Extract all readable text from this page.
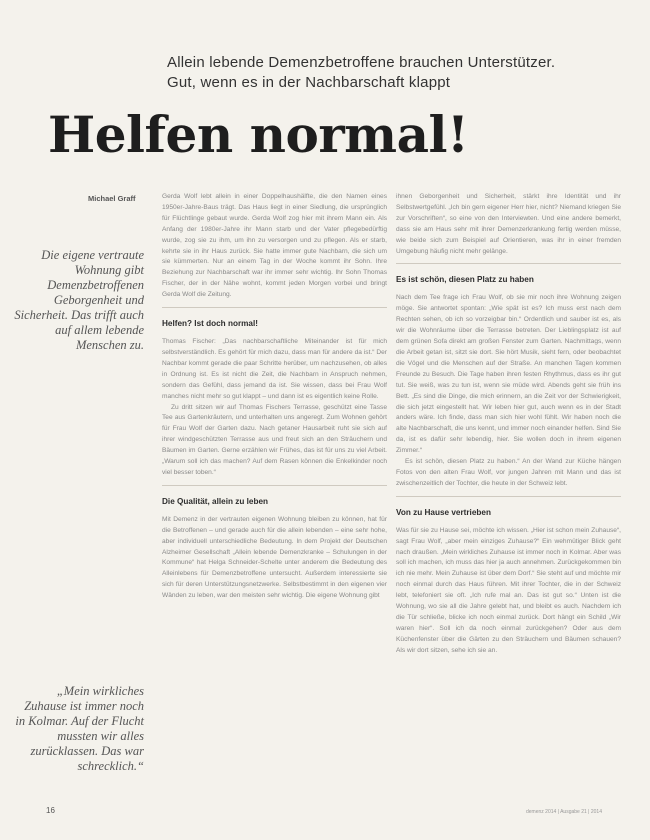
Allein lebende Demenzbetroffene brauchen Unterstützer.
Gut, wenn es in der Nachbarschaft klappt
Helfen normal!
Michael Graff
Die eigene vertraute Wohnung gibt Demenzbetroffenen Geborgenheit und Sicherheit. Das trifft auch auf allem lebende Menschen zu.
„Mein wirkliches Zuhause ist immer noch in Kolmar. Auf der Flucht mussten wir alles zurücklassen. Das war schrecklich.“

Gerda Wolf lebt allein in einer Doppelhaushälfte, die den Namen eines 1950er-Jahre-Baus trägt. Das Haus liegt in einer Siedlung, die ursprünglich für Flüchtlinge gebaut wurde. Gerda Wolf zog hier mit ihrem Mann ein. Als Anfang der 1980er-Jahre ihr Mann starb und der Vater pflegebedürftig wurde, zog sie zu ihm, um ihn zu versorgen und zu pflegen. Als er starb, kehrte sie in ihr Haus zurück. Sie hatte immer gute Nachbarn, die sich um sie kümmerten. Nur an einem Tag in der Woche kommt ihr Sohn. Ihre Beziehung zur Nachbarschaft war ihr immer sehr wichtig. Ihr Sohn Thomas Fischer, der in der Nähe wohnt, kommt jeden Morgen vorbei und bringt Gerda Wolf die Zeitung.

Helfen? Ist doch normal!

Thomas Fischer: „Das nachbarschaftliche Miteinander ist für mich selbstverständlich. Es gehört für mich dazu, dass man für andere da ist.“ Der Nachbar kommt gerade die paar Schritte herüber, um nachzusehen, ob alles in Ordnung ist. Es ist nicht die Zeit, die Nachbarn in Anspruch nehmen, sondern das Gefühl, dass jemand da ist. Sie wissen, dass bei Frau Wolf manches nicht mehr so gut klappt – und dann ist es eigentlich keine Rolle.

Zu dritt sitzen wir auf Thomas Fischers Terrasse, geschützt eine Tasse Tee aus Gartenkräutern, und unterhalten uns angeregt. Zum Wohnen gehört für Frau Wolf der Garten dazu. Nach getaner Hausarbeit ruht sie sich auf ihrer windgeschützten Terrasse aus und freut sich an den Sträuchern und Bäumen im Garten. Gerne erzählen wir Frühes, das ist für uns zu viel Arbeit. „Warum soll ich das machen? Auf dem Rasen können die Enkelkinder noch viel besser toben.“

Die Qualität, allein zu leben

Mit Demenz in der vertrauten eigenen Wohnung bleiben zu können, hat für die Betroffenen – und gerade auch für die allein lebenden – eine sehr hohe, aber individuell unterschiedliche Bedeutung. In dem Projekt der Deutschen Alzheimer Gesellschaft „Allein lebende Demenzkranke – Schulungen in der Kommune“ hat Helga Schneider-Schelte unter anderem die Bedeutung des Alleinlebens für Demenzbetroffene untersucht. Außerdem interessierte sie sich für deren Unterstützungsnetzwerke. Selbstbestimmt in den eigenen vier Wänden zu leben, war den meisten sehr wichtig. Die eigene Wohnung gibt

ihnen Geborgenheit und Sicherheit, stärkt ihre Identität und ihr Selbstwertgefühl. „Ich bin gern eigener Herr hier, nicht? Niemand kriegen Sie zur Vorschriften“, so eine von den Interviewten. Und eine andere bemerkt, dass sie am Haus sehr mit ihrer Demenzerkrankung fertig werden müsse, wie beide sich zum Beispiel auf Orientieren, was ihr in einer fremden Umgebung häufig nicht mehr gelänge.

Es ist schön, diesen Platz zu haben

Nach dem Tee frage ich Frau Wolf, ob sie mir noch ihre Wohnung zeigen möge. Sie antwortet spontan: „Wie spät ist es? Ich muss erst nach dem Rechten sehen, ob ich so vorzeigbar bin.“ Ordentlich und sauber ist es, als wir die Wohnräume über die Terrasse betreten. Der Lieblingsplatz ist auf dem grünen Sofa direkt am großen Fenster zum Garten. Nachmittags, wenn die Arbeit getan ist, sitzt sie dort. Sie hört Musik, sieht fern, oder beobachtet die Vögel und die Menschen auf der Straße. An manchen Tagen kommen Freunde zu Besuch. Die Tage haben ihren festen Rhythmus, dass es ihr gut tut. Sie weiß, was zu tun ist, wenn sie müde wird. Abends geht sie früh ins Bett. „Es sind die Dinge, die mich erinnern, an die Zeit vor der Schwierigkeit, die sich jetzt eingestellt hat. Wir leben hier gut, auch wenn es in der Stadt anders wäre. Ich finde, dass man sich hier wohl fühlt. Wir haben noch die alte Nachbarschaft, die uns kennt, und immer noch einander helfen. Sind Sie da, ist es dafür sehr lebendig, hier. Sie wollen doch in ihrem eigenen Zimmer.“

Es ist schön, diesen Platz zu haben.“ An der Wand zur Küche hängen Fotos von den alten Frau Wolf, vor jungen Jahren mit Mann und das ist zwischenzeitlich der Tochter, die heute in der Schweiz lebt.

Von zu Hause vertrieben

Was für sie zu Hause sei, möchte ich wissen. „Hier ist schon mein Zuhause“, sagt Frau Wolf, „aber mein einziges Zuhause?“ Ein wehmütiger Blick geht nach draußen. „Mein wirkliches Zuhause ist immer noch in Kolmar. Aber was soll ich machen, ich muss das hier ja auch annehmen. Zurückgekommen bin ich nie mehr. Mein Zuhause ist über dem Dorf.“ Sie steht auf und möchte mir noch einmal durch das Haus führen. Mit ihrer Tochter, die in der Schweiz lebt, telefoniert sie oft. „Ich rufe mal an. Das ist gut so.“ Unten ist die Wohnung, wo sie all die Jahre gelebt hat, und bleibt es auch. Nachdem ich die Tür schließe, blicke ich noch einmal zurück. Dort hängt ein Schild „Wir waren hier“. Soll ich da noch einmal zurückgehen? Oder aus dem Küchenfenster über die Gärten zu den Sträuchern und Bäumen schauen? Als wir dort sitzen, sehe ich sie an.

16	demenz 2014 | Ausgabe 21 | 2014
